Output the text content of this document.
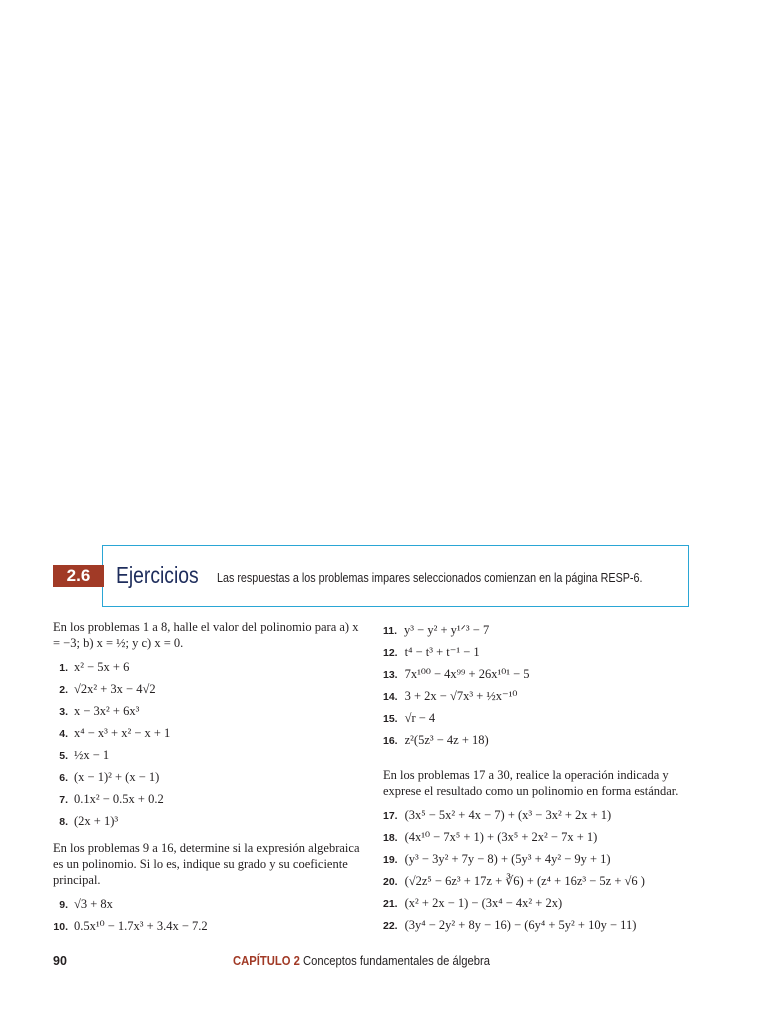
2.6	Ejercicios Las respuestas a los problemas impares seleccionados comienzan en la página RESP-6.

En los problemas 1 a 8, halle el valor del polinomio para a) x = −3; b) x = ½; y c) x = 0.

1. x² − 5x + 6
2. √2x² + 3x − 4√2
3. x − 3x² + 6x³
4. x⁴ − x³ + x² − x + 1
5. ½x − 1
6. (x − 1)² + (x − 1)
7. 0.1x² − 0.5x + 0.2
8. (2x + 1)³

En los problemas 9 a 16, determine si la expresión algebraica es un polinomio. Si lo es, indique su grado y su coeficiente principal.

9. √3 + 8x
10. 0.5x¹⁰ − 1.7x³ + 3.4x − 7.2
11. y³ − y² + y¹ᐟ³ − 7
12. t⁴ − t³ + t⁻¹ − 1
13. 7x¹⁰⁰ − 4x⁹⁹ + 26x¹⁰¹ − 5
14. 3 + 2x − √7x³ + ½x⁻¹⁰
15. √r − 4
16. z²(5z³ − 4z + 18)

En los problemas 17 a 30, realice la operación indicada y exprese el resultado como un polinomio en forma estándar.

17. (3x⁵ − 5x² + 4x − 7) + (x³ − 3x² + 2x + 1)
18. (4x¹⁰ − 7x⁵ + 1) + (3x⁵ + 2x² − 7x + 1)
19. (y³ − 3y² + 7y − 8) + (5y³ + 4y² − 9y + 1)
20. (√2z⁵ − 6z³ + 17z + ∛6) + (z⁴ + 16z³ − 5z + √6 )
21. (x² + 2x − 1) − (3x⁴ − 4x² + 2x)
22. (3y⁴ − 2y² + 8y − 16) − (6y⁴ + 5y² + 10y − 11)
90	CAPÍTULO 2 Conceptos fundamentales de álgebra
